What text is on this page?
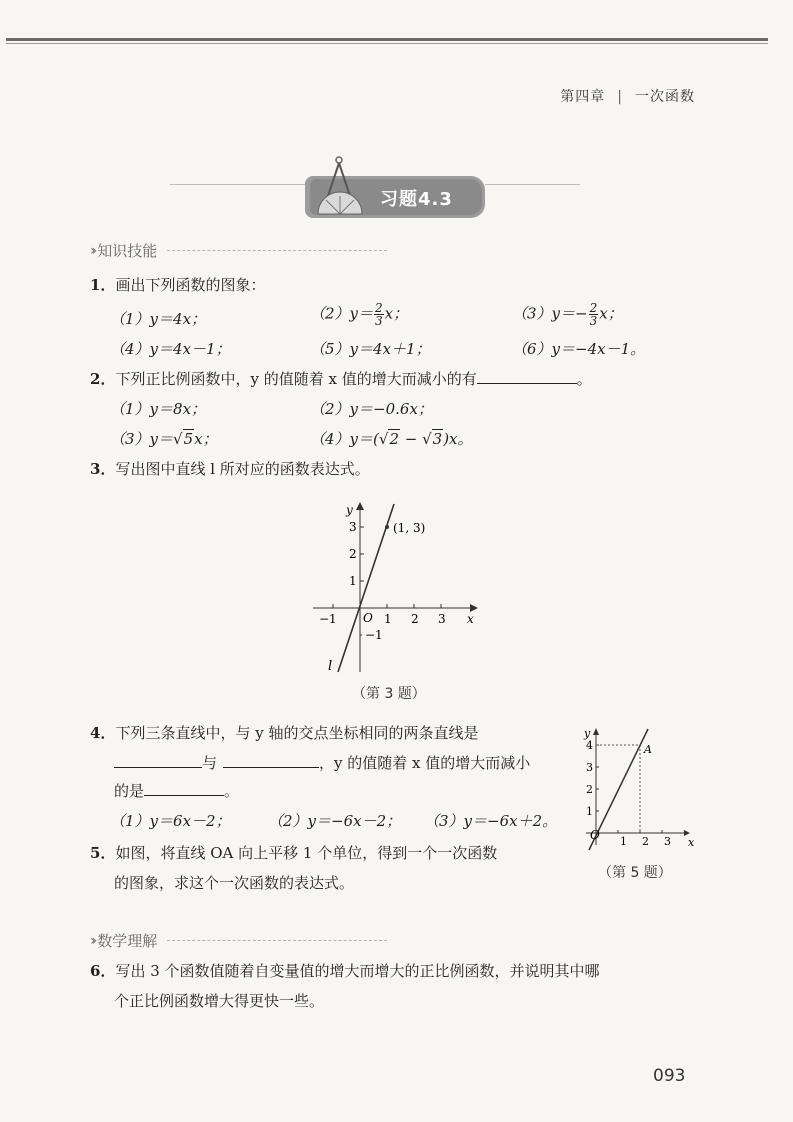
第四章 | 一次函数
习题4.3
›› 知识技能
1．画出下列函数的图象：
（1）y＝4x；	$(2)y= \frac{2}{3}$ x；	$(3)y=- \frac{2}{3}$ x；
（4）y＝4x－1；	（5）y＝4x＋1；	（6）y＝−4x－1。
2．下列正比例函数中，y 的值随着 x 值的增大而减小的有	。
（1）y＝8x；	（2）y＝−0.6x；
（3）y＝√5x；	（4）y＝(√2 − √3)x。
3．写出图中直线 l 所对应的函数表达式。
−1	1 2 3
3
2
1
−1
O	x
y
l
(1, 3)
（第 3 题）
4．下列三条直线中，与 y 轴的交点坐标相同的两条直线是
与	，y 的值随着 x 值的增大而减小
的是	。
（1）y＝6x－2； （2）y＝−6x－2； （3）y＝−6x＋2。
1 2 3
4
3
2
1
O
x
y
A
（第 5 题）
5．如图，将直线 OA 向上平移 1 个单位，得到一个一次函数
的图象，求这个一次函数的表达式。
›› 数学理解
6．写出 3 个函数值随着自变量值的增大而增大的正比例函数，并说明其中哪
个正比例函数增大得更快一些。
093
